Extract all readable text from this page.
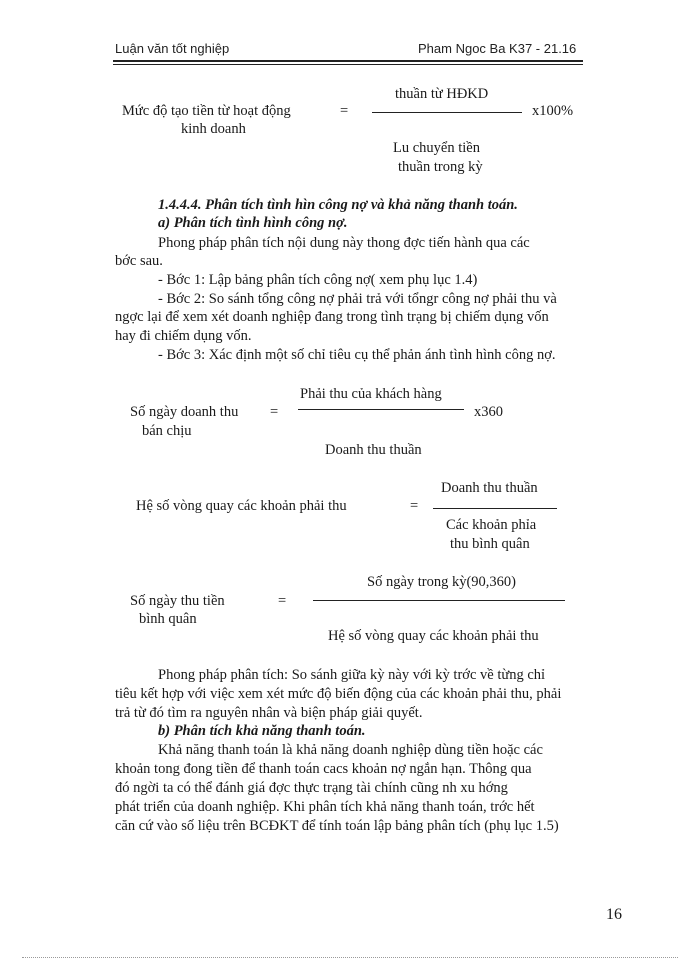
Luận văn tốt nghiệp	Pham Ngoc Ba K37 - 21.16
thuần từ HĐKD
Mức độ tạo tiền từ hoạt động	=	x100%
kinh doanh
Lu chuyển tiền
thuần trong kỳ
1.4.4.4. Phân tích tình hìn công nợ và khả năng thanh toán.
a) Phân tích tình hình công nợ.
Phong pháp phân tích nội dung này thong đợc tiến hành qua các
bớc sau.
- Bớc 1: Lập bảng phân tích công nợ( xem phụ lục 1.4)
- Bớc 2: So sánh tổng công nợ phải trả với tổngr công nợ phải thu và
ngợc lại để xem xét doanh nghiệp đang trong tình trạng bị chiếm dụng vốn
hay đi chiếm dụng vốn.
- Bớc 3: Xác định một số chỉ tiêu cụ thể phản ánh tình hình công nợ.
Phải thu của khách hàng
Số ngày doanh thu =	x360
bán chịu
Doanh thu thuần
Doanh thu thuần
Hệ số vòng quay các khoản phải thu	=
Các khoản phỉa
thu bình quân
Số ngày trong kỳ(90,360)
Số ngày thu tiền	=
bình quân
Hệ số vòng quay các khoản phải thu
Phong pháp phân tích: So sánh giữa kỳ này với kỳ trớc về từng chỉ
tiêu kết hợp với việc xem xét mức độ biến động của các khoản phải thu, phải
trả từ đó tìm ra nguyên nhân và biện pháp giải quyết.
b) Phân tích khả năng thanh toán.
Khả năng thanh toán là khả năng doanh nghiệp dùng tiền hoặc các
khoản tong đong tiền để thanh toán cacs khoản nợ ngắn hạn. Thông qua
đó ngời ta có thể đánh giá đợc thực trạng tài chính cũng nh xu hớng
phát triển của doanh nghiệp. Khi phân tích khả năng thanh toán, trớc hết
căn cứ vào số liệu trên BCĐKT để tính toán lập bảng phân tích (phụ lục 1.5)
16
